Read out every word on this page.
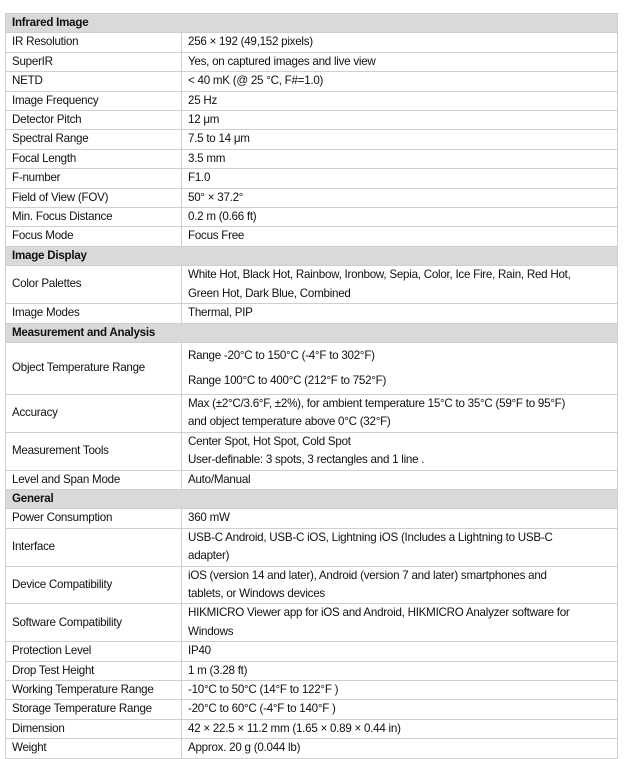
Infrared Image	
IR Resolution	256 × 192 (49,152 pixels)

SuperIR	Yes, on captured images and live view

NETD	< 40 mK (@ 25 °C, F#=1.0)

Image Frequency	25 Hz

Detector Pitch	12 μm

Spectral Range	7.5 to 14 μm

Focal Length	3.5 mm

F-number	F1.0

Field of View (FOV)	50° × 37.2°

Min. Focus Distance	0.2 m (0.66 ft)

Focus Mode	Focus Free

Image Display	
Color Palettes	White Hot, Black Hot, Rainbow, Ironbow, Sepia, Color, Ice Fire, Rain, Red Hot,
Green Hot, Dark Blue, Combined

Image Modes	Thermal, PIP

Measurement and Analysis	
Object Temperature Range	Range -20°C to 150°C (-4°F to 302°F)
Range 100°C to 400°C (212°F to 752°F)

Accuracy	Max (±2°C/3.6°F, ±2%), for ambient temperature 15°C to 35°C (59°F to 95°F)
and object temperature above 0°C (32°F)

Measurement Tools	Center Spot, Hot Spot, Cold Spot
User-definable: 3 spots, 3 rectangles and 1 line .

Level and Span Mode	Auto/Manual

General	
Power Consumption	360 mW

Interface	USB-C Android, USB-C iOS, Lightning iOS (Includes a Lightning to USB-C
adapter)

Device Compatibility	iOS (version 14 and later), Android (version 7 and later) smartphones and
tablets, or Windows devices

Software Compatibility	HIKMICRO Viewer app for iOS and Android, HIKMICRO Analyzer software for
Windows

Protection Level	IP40

Drop Test Height	1 m (3.28 ft)

Working Temperature Range	-10°C to 50°C (14°F to 122°F )

Storage Temperature Range	-20°C to 60°C (-4°F to 140°F )

Dimension	42 × 22.5 × 11.2 mm (1.65 × 0.89 × 0.44 in)

Weight	Approx. 20 g (0.044 lb)
